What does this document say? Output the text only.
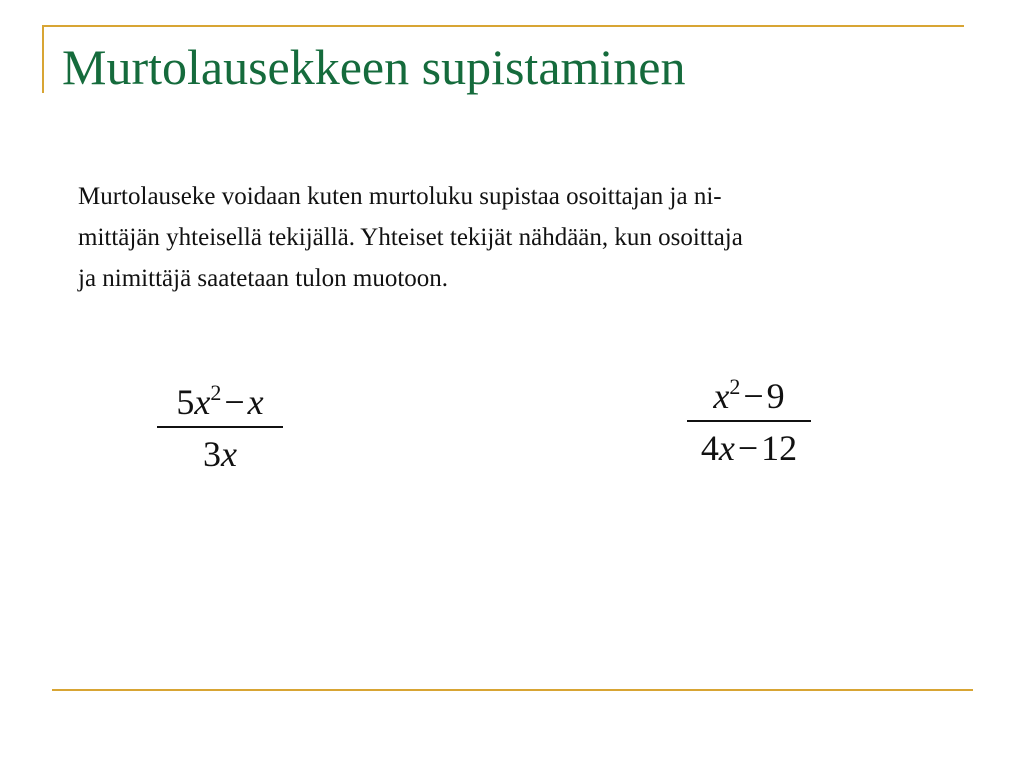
Murtolausekkeen supistaminen

Murtolauseke voidaan kuten murtoluku supistaa osoittajan ja ni-
mittäjän yhteisellä tekijällä. Yhteiset tekijät nähdään, kun osoittaja
ja nimittäjä saatetaan tulon muotoon.

$5x^2-x$
3x
$x^2-9$
4x−12
